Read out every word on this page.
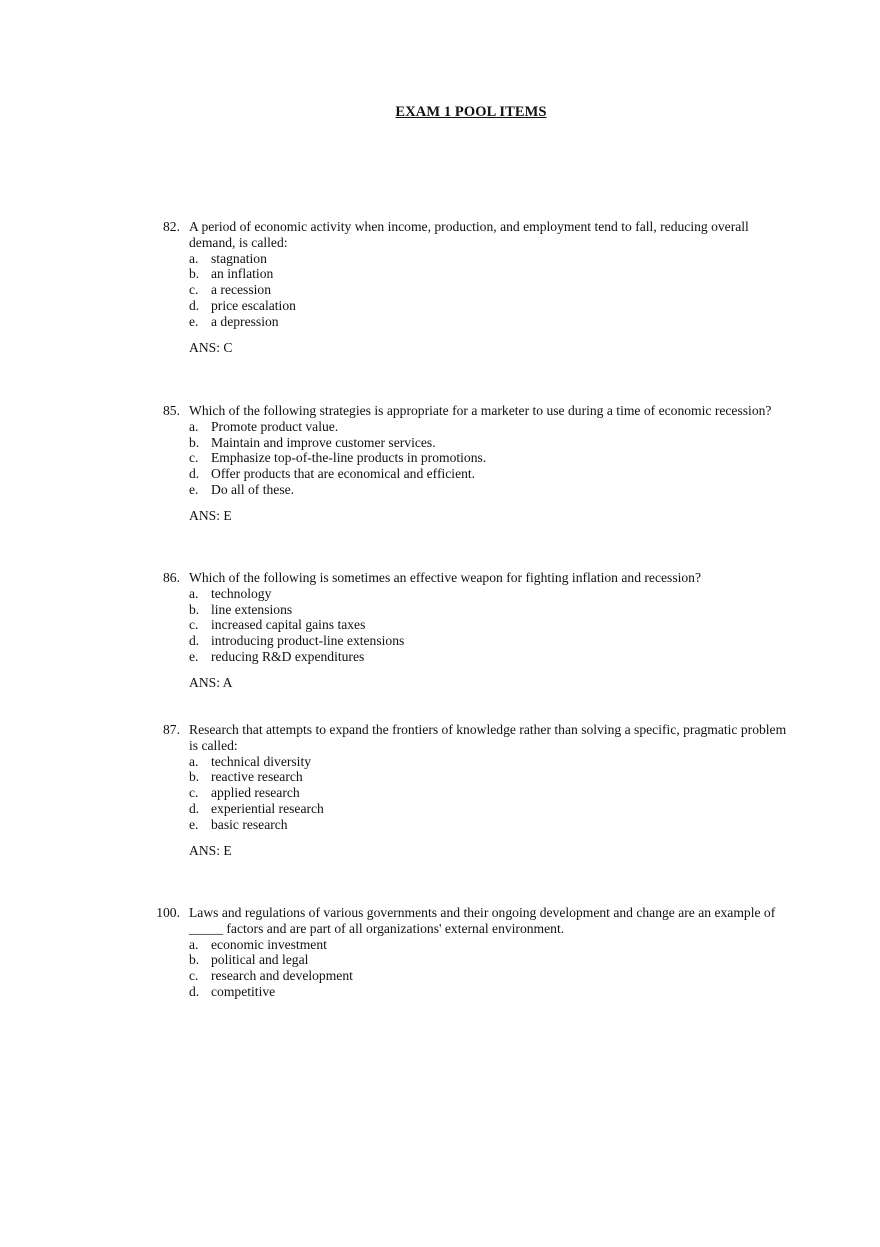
EXAM 1 POOL ITEMS
82. A period of economic activity when income, production, and employment tend to fall, reducing overall demand, is called:

a. stagnation
b. an inflation
c. a recession
d. price escalation
e. a depression
ANS: C
85. Which of the following strategies is appropriate for a marketer to use during a time of economic recession?

a. Promote product value.
b. Maintain and improve customer services.
c. Emphasize top-of-the-line products in promotions.
d. Offer products that are economical and efficient.
e. Do all of these.
ANS: E
86. Which of the following is sometimes an effective weapon for fighting inflation and recession?

a. technology
b. line extensions
c. increased capital gains taxes
d. introducing product-line extensions
e. reducing R&D expenditures
ANS: A
87. Research that attempts to expand the frontiers of knowledge rather than solving a specific, pragmatic problem is called:

a. technical diversity
b. reactive research
c. applied research
d. experiential research
e. basic research
ANS: E
100. Laws and regulations of various governments and their ongoing development and change are an example of _____ factors and are part of all organizations' external environment.

a. economic investment
b. political and legal
c. research and development
d. competitive
